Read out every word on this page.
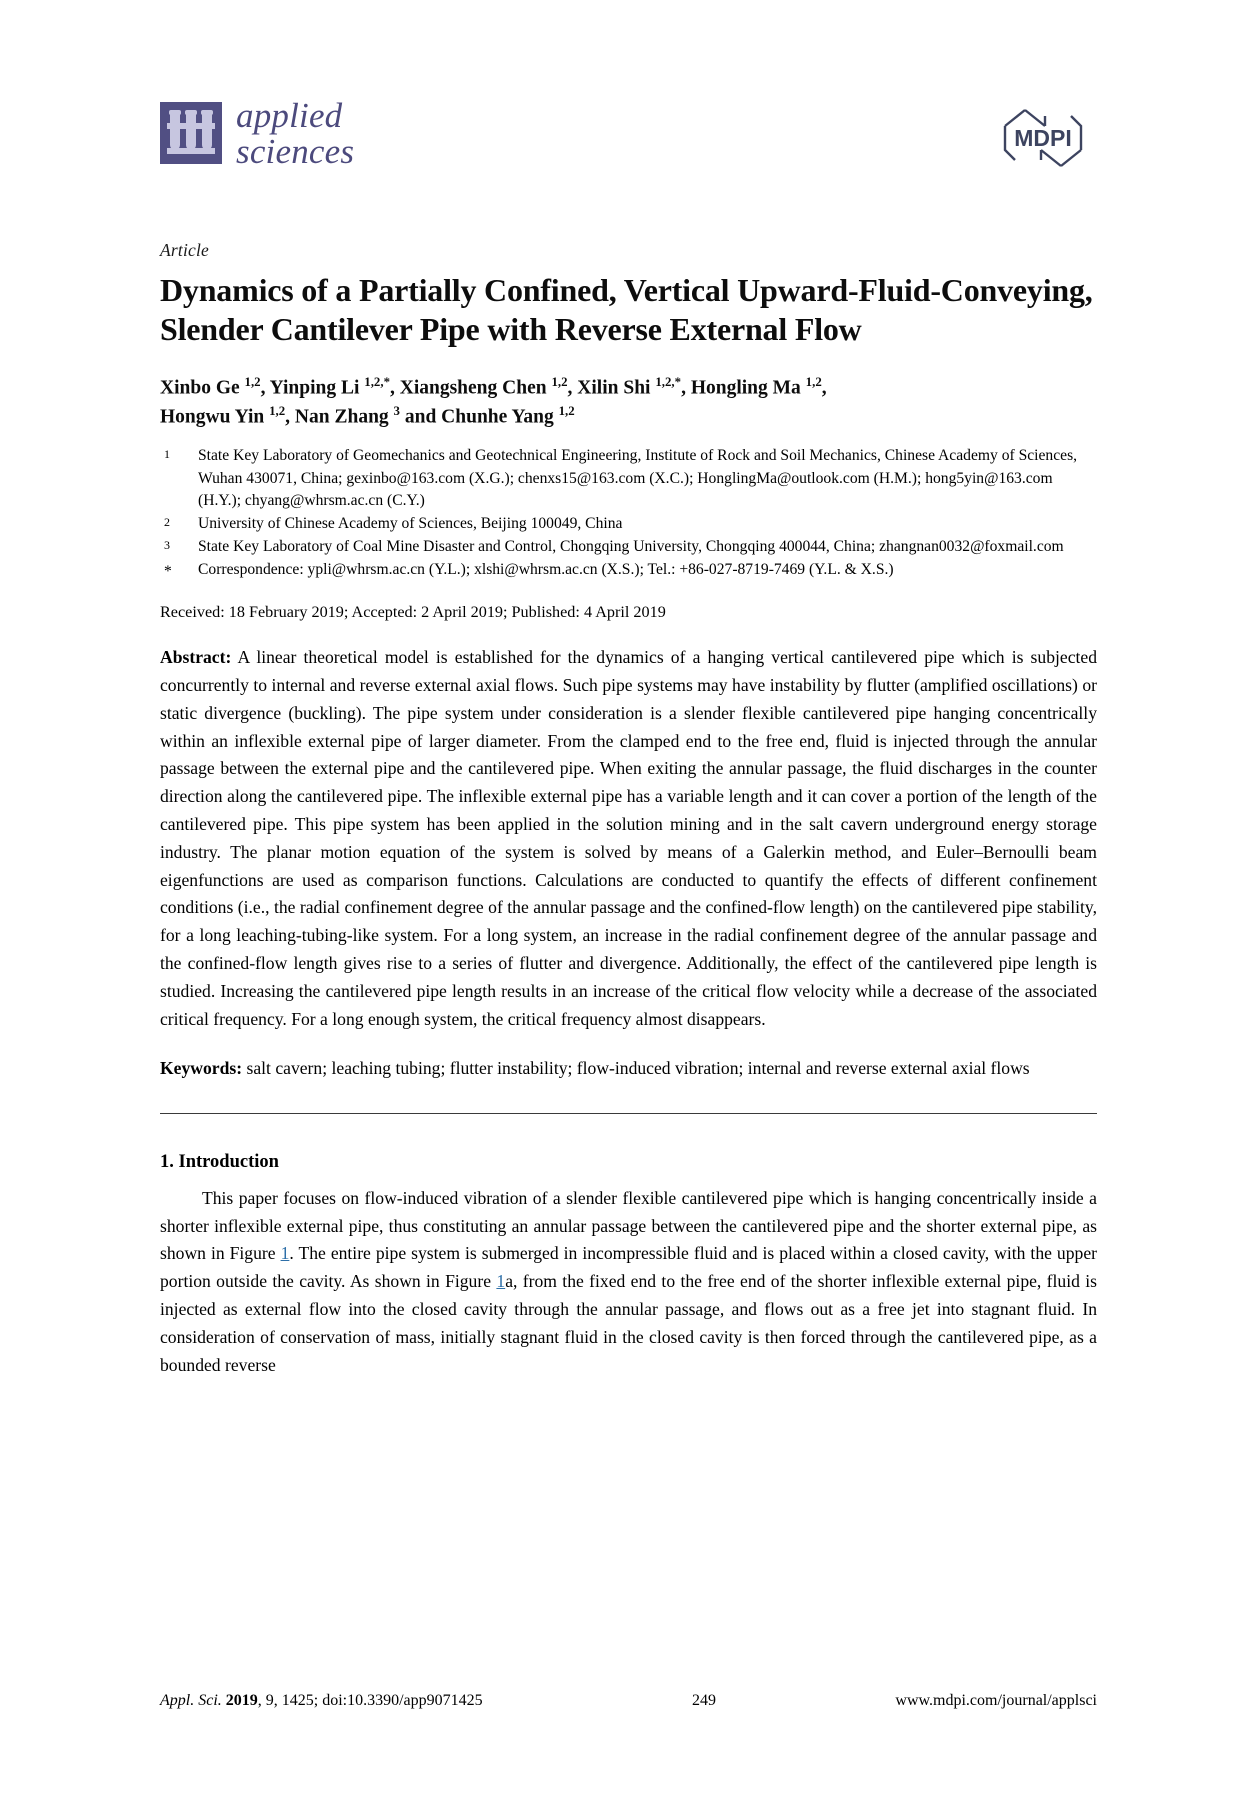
applied
sciences	MDPI
Article
Dynamics of a Partially Confined, Vertical Upward-Fluid-Conveying, Slender Cantilever Pipe with Reverse External Flow
Xinbo Ge $^{1,2}$, Yinping Li $^{1,2,*}$, Xiangsheng Chen $^{1,2}$, Xilin Shi $^{1,2,*}$, Hongling Ma $^{1,2}$,
Hongwu Yin $^{1,2}$, Nan Zhang $^3$ and Chunhe Yang $^{1,2}$
1	State Key Laboratory of Geomechanics and Geotechnical Engineering, Institute of Rock and Soil Mechanics, Chinese Academy of Sciences, Wuhan 430071, China; gexinbo@163.com (X.G.); chenxs15@163.com (X.C.); HonglingMa@outlook.com (H.M.); hong5yin@163.com (H.Y.); chyang@whrsm.ac.cn (C.Y.)
2	University of Chinese Academy of Sciences, Beijing 100049, China
3	State Key Laboratory of Coal Mine Disaster and Control, Chongqing University, Chongqing 400044, China; zhangnan0032@foxmail.com
*	Correspondence: ypli@whrsm.ac.cn (Y.L.); xlshi@whrsm.ac.cn (X.S.); Tel.: +86-027-8719-7469 (Y.L. & X.S.)
Received: 18 February 2019; Accepted: 2 April 2019; Published: 4 April 2019
Abstract: A linear theoretical model is established for the dynamics of a hanging vertical cantilevered pipe which is subjected concurrently to internal and reverse external axial flows. Such pipe systems may have instability by flutter (amplified oscillations) or static divergence (buckling). The pipe system under consideration is a slender flexible cantilevered pipe hanging concentrically within an inflexible external pipe of larger diameter. From the clamped end to the free end, fluid is injected through the annular passage between the external pipe and the cantilevered pipe. When exiting the annular passage, the fluid discharges in the counter direction along the cantilevered pipe. The inflexible external pipe has a variable length and it can cover a portion of the length of the cantilevered pipe. This pipe system has been applied in the solution mining and in the salt cavern underground energy storage industry. The planar motion equation of the system is solved by means of a Galerkin method, and Euler–Bernoulli beam eigenfunctions are used as comparison functions. Calculations are conducted to quantify the effects of different confinement conditions (i.e., the radial confinement degree of the annular passage and the confined-flow length) on the cantilevered pipe stability, for a long leaching-tubing-like system. For a long system, an increase in the radial confinement degree of the annular passage and the confined-flow length gives rise to a series of flutter and divergence. Additionally, the effect of the cantilevered pipe length is studied. Increasing the cantilevered pipe length results in an increase of the critical flow velocity while a decrease of the associated critical frequency. For a long enough system, the critical frequency almost disappears.
Keywords: salt cavern; leaching tubing; flutter instability; flow-induced vibration; internal and reverse external axial flows
1. Introduction

This paper focuses on flow-induced vibration of a slender flexible cantilevered pipe which is hanging concentrically inside a shorter inflexible external pipe, thus constituting an annular passage between the cantilevered pipe and the shorter external pipe, as shown in Figure 1. The entire pipe system is submerged in incompressible fluid and is placed within a closed cavity, with the upper portion outside the cavity. As shown in Figure 1a, from the fixed end to the free end of the shorter inflexible external pipe, fluid is injected as external flow into the closed cavity through the annular passage, and flows out as a free jet into stagnant fluid. In consideration of conservation of mass, initially stagnant fluid in the closed cavity is then forced through the cantilevered pipe, as a bounded reverse

Appl. Sci. 2019, 9, 1425; doi:10.3390/app9071425	249	www.mdpi.com/journal/applsci
